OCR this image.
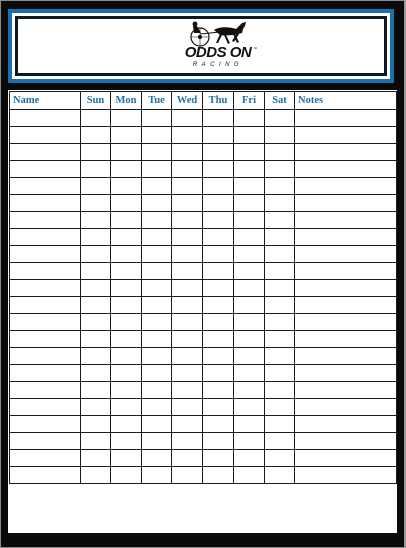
ODDS ON ™
RACING
Name	Sun	Mon	Tue	Wed	Thu	Fri	Sat	Notes
